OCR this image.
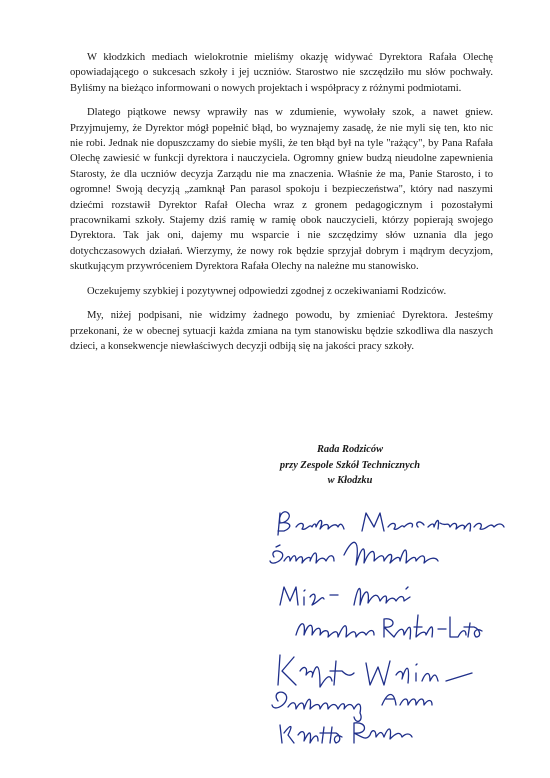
W kłodzkich mediach wielokrotnie mieliśmy okazję widywać Dyrektora Rafała Olechę opowiadającego o sukcesach szkoły i jej uczniów. Starostwo nie szczędziło mu słów pochwały. Byliśmy na bieżąco informowani o nowych projektach i współpracy z różnymi podmiotami.

Dlatego piątkowe newsy wprawiły nas w zdumienie, wywołały szok, a nawet gniew. Przyjmujemy, że Dyrektor mógł popełnić błąd, bo wyznajemy zasadę, że nie myli się ten, kto nic nie robi. Jednak nie dopuszczamy do siebie myśli, że ten błąd był na tyle "rażący", by Pana Rafała Olechę zawiesić w funkcji dyrektora i nauczyciela. Ogromny gniew budzą nieudolne zapewnienia Starosty, że dla uczniów decyzja Zarządu nie ma znaczenia. Właśnie że ma, Panie Starosto, i to ogromne! Swoją decyzją „zamknął Pan parasol spokoju i bezpieczeństwa", który nad naszymi dziećmi rozstawił Dyrektor Rafał Olecha wraz z gronem pedagogicznym i pozostałymi pracownikami szkoły. Stajemy dziś ramię w ramię obok nauczycieli, którzy popierają swojego Dyrektora. Tak jak oni, dajemy mu wsparcie i nie szczędzimy słów uznania dla jego dotychczasowych działań. Wierzymy, że nowy rok będzie sprzyjał dobrym i mądrym decyzjom, skutkującym przywróceniem Dyrektora Rafała Olechy na należne mu stanowisko.

Oczekujemy szybkiej i pozytywnej odpowiedzi zgodnej z oczekiwaniami Rodziców.

My, niżej podpisani, nie widzimy żadnego powodu, by zmieniać Dyrektora. Jesteśmy przekonani, że w obecnej sytuacji każda zmiana na tym stanowisku będzie szkodliwa dla naszych dzieci, a konsekwencje niewłaściwych decyzji odbiją się na jakości pracy szkoły.

Rada Rodziców
przy Zespole Szkół Technicznych
w Kłodzku
